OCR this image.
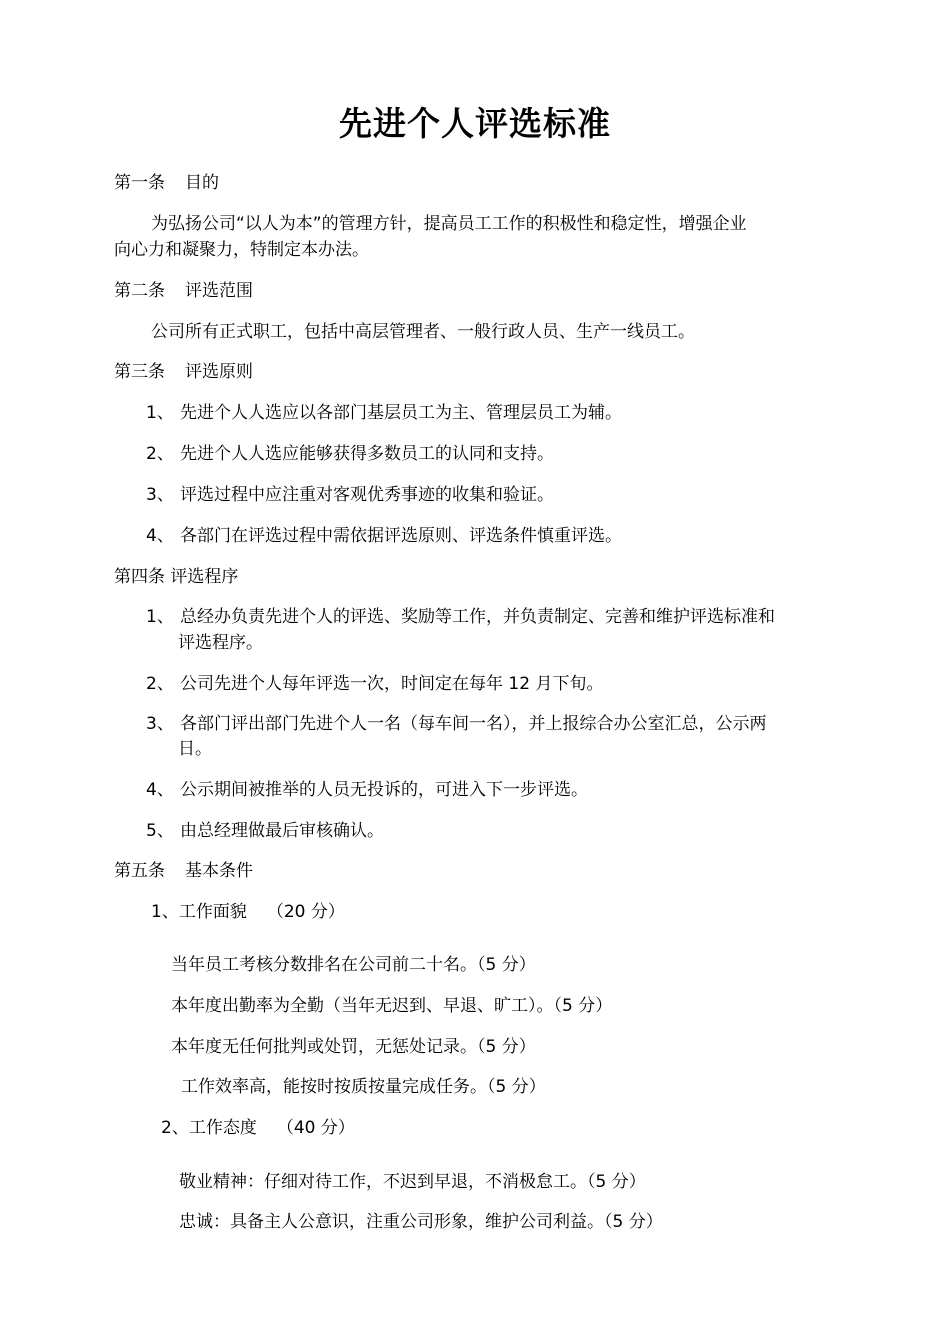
先进个人评选标准
第一条 目的
为弘扬公司“以人为本”的管理方针，提高员工工作的积极性和稳定性，增强企业
向心力和凝聚力，特制定本办法。
第二条 评选范围
公司所有正式职工，包括中高层管理者、一般行政人员、生产一线员工。
第三条 评选原则
1、 先进个人人选应以各部门基层员工为主、管理层员工为辅。
2、 先进个人人选应能够获得多数员工的认同和支持。
3、 评选过程中应注重对客观优秀事迹的收集和验证。
4、 各部门在评选过程中需依据评选原则、评选条件慎重评选。
第四条 评选程序
1、 总经办负责先进个人的评选、奖励等工作，并负责制定、完善和维护评选标准和
评选程序。
2、 公司先进个人每年评选一次，时间定在每年 12 月下旬。
3、 各部门评出部门先进个人一名（每车间一名），并上报综合办公室汇总，公示两
日。
4、 公示期间被推举的人员无投诉的，可进入下一步评选。
5、 由总经理做最后审核确认。
第五条 基本条件
1、工作面貌 （20 分）
当年员工考核分数排名在公司前二十名。（5 分）
本年度出勤率为全勤（当年无迟到、早退、旷工）。（5 分）
本年度无任何批判或处罚，无惩处记录。（5 分）
工作效率高，能按时按质按量完成任务。（5 分）
2、工作态度 （40 分）
敬业精神：仔细对待工作，不迟到早退，不消极怠工。（5 分）
忠诚：具备主人公意识，注重公司形象，维护公司利益。（5 分）
